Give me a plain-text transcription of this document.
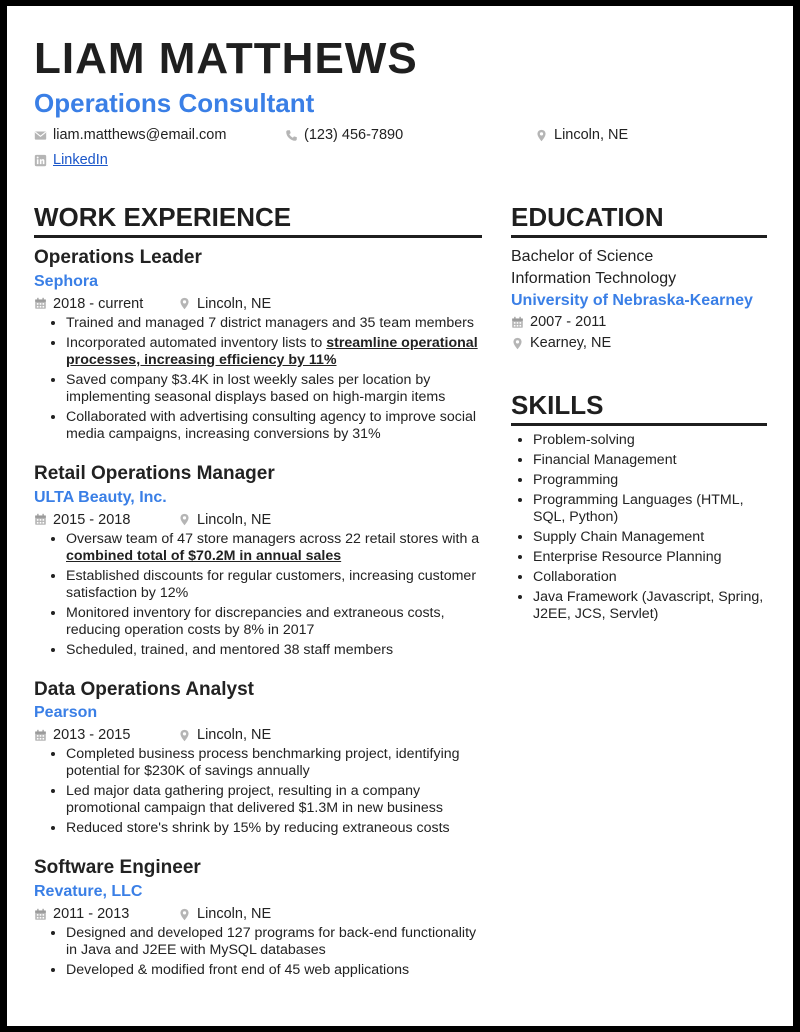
LIAM MATTHEWS
Operations Consultant
liam.matthews@email.com	(123) 456-7890	Lincoln, NE
LinkedIn
WORK EXPERIENCE
Operations Leader
Sephora
2018 - current	Lincoln, NE
• Trained and managed 7 district managers and 35 team members
• Incorporated automated inventory lists to streamline operational processes, increasing efficiency by 11%
• Saved company $3.4K in lost weekly sales per location by implementing seasonal displays based on high-margin items
• Collaborated with advertising consulting agency to improve social media campaigns, increasing conversions by 31%
Retail Operations Manager
ULTA Beauty, Inc.
2015 - 2018	Lincoln, NE
• Oversaw team of 47 store managers across 22 retail stores with a combined total of $70.2M in annual sales
• Established discounts for regular customers, increasing customer satisfaction by 12%
• Monitored inventory for discrepancies and extraneous costs, reducing operation costs by 8% in 2017
• Scheduled, trained, and mentored 38 staff members
Data Operations Analyst
Pearson
2013 - 2015	Lincoln, NE
• Completed business process benchmarking project, identifying potential for $230K of savings annually
• Led major data gathering project, resulting in a company promotional campaign that delivered $1.3M in new business
• Reduced store's shrink by 15% by reducing extraneous costs
Software Engineer
Revature, LLC
2011 - 2013	Lincoln, NE
• Designed and developed 127 programs for back-end functionality in Java and J2EE with MySQL databases
• Developed & modified front end of 45 web applications
EDUCATION
Bachelor of Science
Information Technology
University of Nebraska-Kearney
2007 - 2011
Kearney, NE
SKILLS
• Problem-solving
• Financial Management
• Programming
• Programming Languages (HTML, SQL, Python)
• Supply Chain Management
• Enterprise Resource Planning
• Collaboration
• Java Framework (Javascript, Spring, J2EE, JCS, Servlet)
